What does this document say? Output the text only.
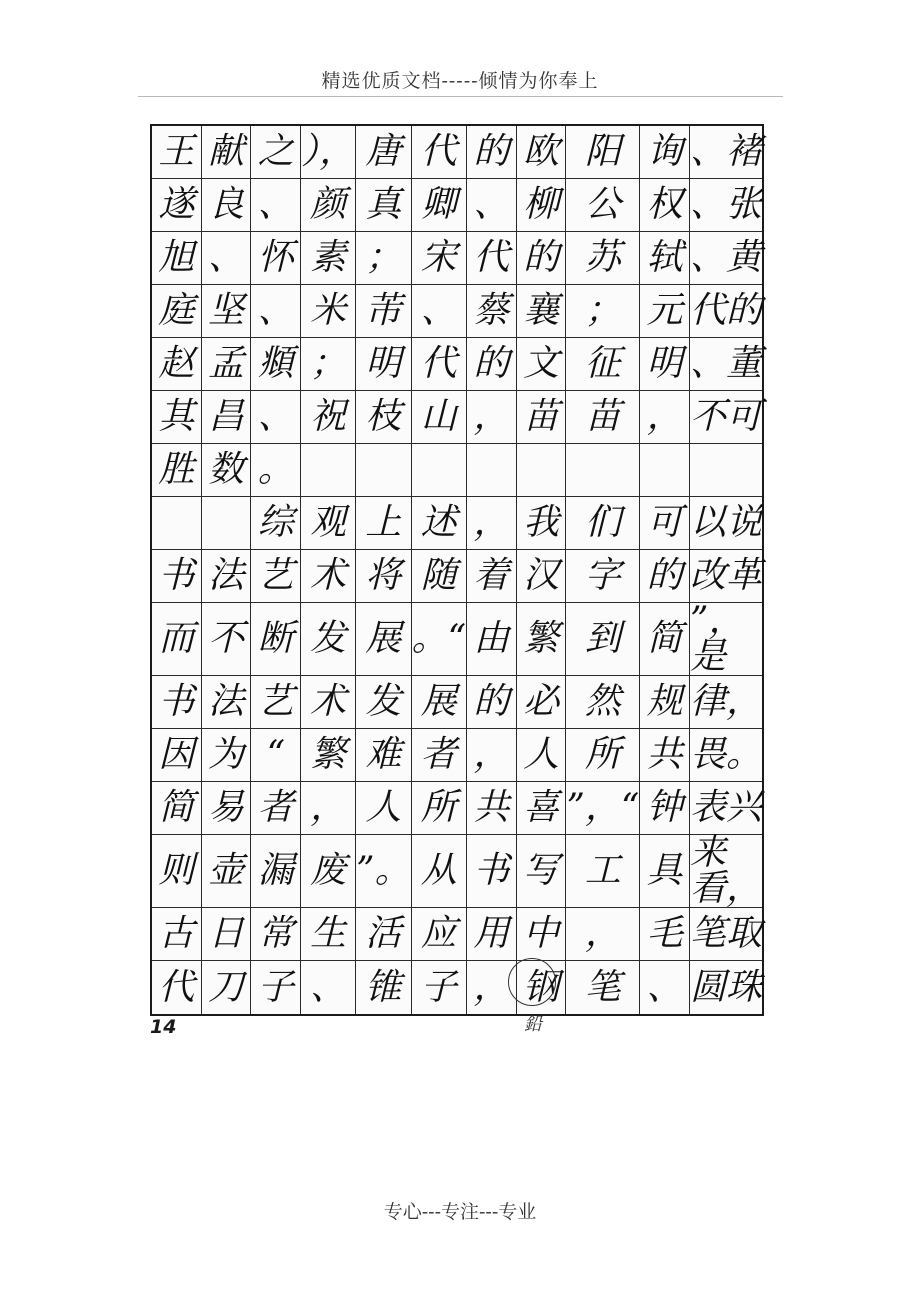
精选优质文档-----倾情为你奉上
王 献 之 ）， 唐 代 的 欧 阳 询 、褚
遂 良 、 颜 真 卿 、 柳 公 权 、张
旭 、 怀 素 ； 宋 代 的 苏 轼 、黄
庭 坚 、 米 芾 、 蔡 襄 ； 元 代的
赵 孟 頫 ； 明 代 的 文 征 明 、董
其 昌 、 祝 枝 山 ， 苗 苗 ， 不可
胜 数 。
综 观 上 述 ， 我 们 可 以说
书 法 艺 术 将 随 着 汉 字 的 改革
而 不 断 发 展 。“ 由 繁 到 简 ”，是
书 法 艺 术 发 展 的 必 然 规 律，
因 为 “ 繁 难 者 ， 人 所 共 畏。
简 易 者 ， 人 所 共 喜 ”，“ 钟 表兴
则 壶 漏 废 ”。 从 书 写 工 具 来看，
古 日 常 生 活 应 用 中 ， 毛 笔取
代 刀 子 、 锥 子 ， 钢 笔 、 圆珠
14	鉛
专心---专注---专业
